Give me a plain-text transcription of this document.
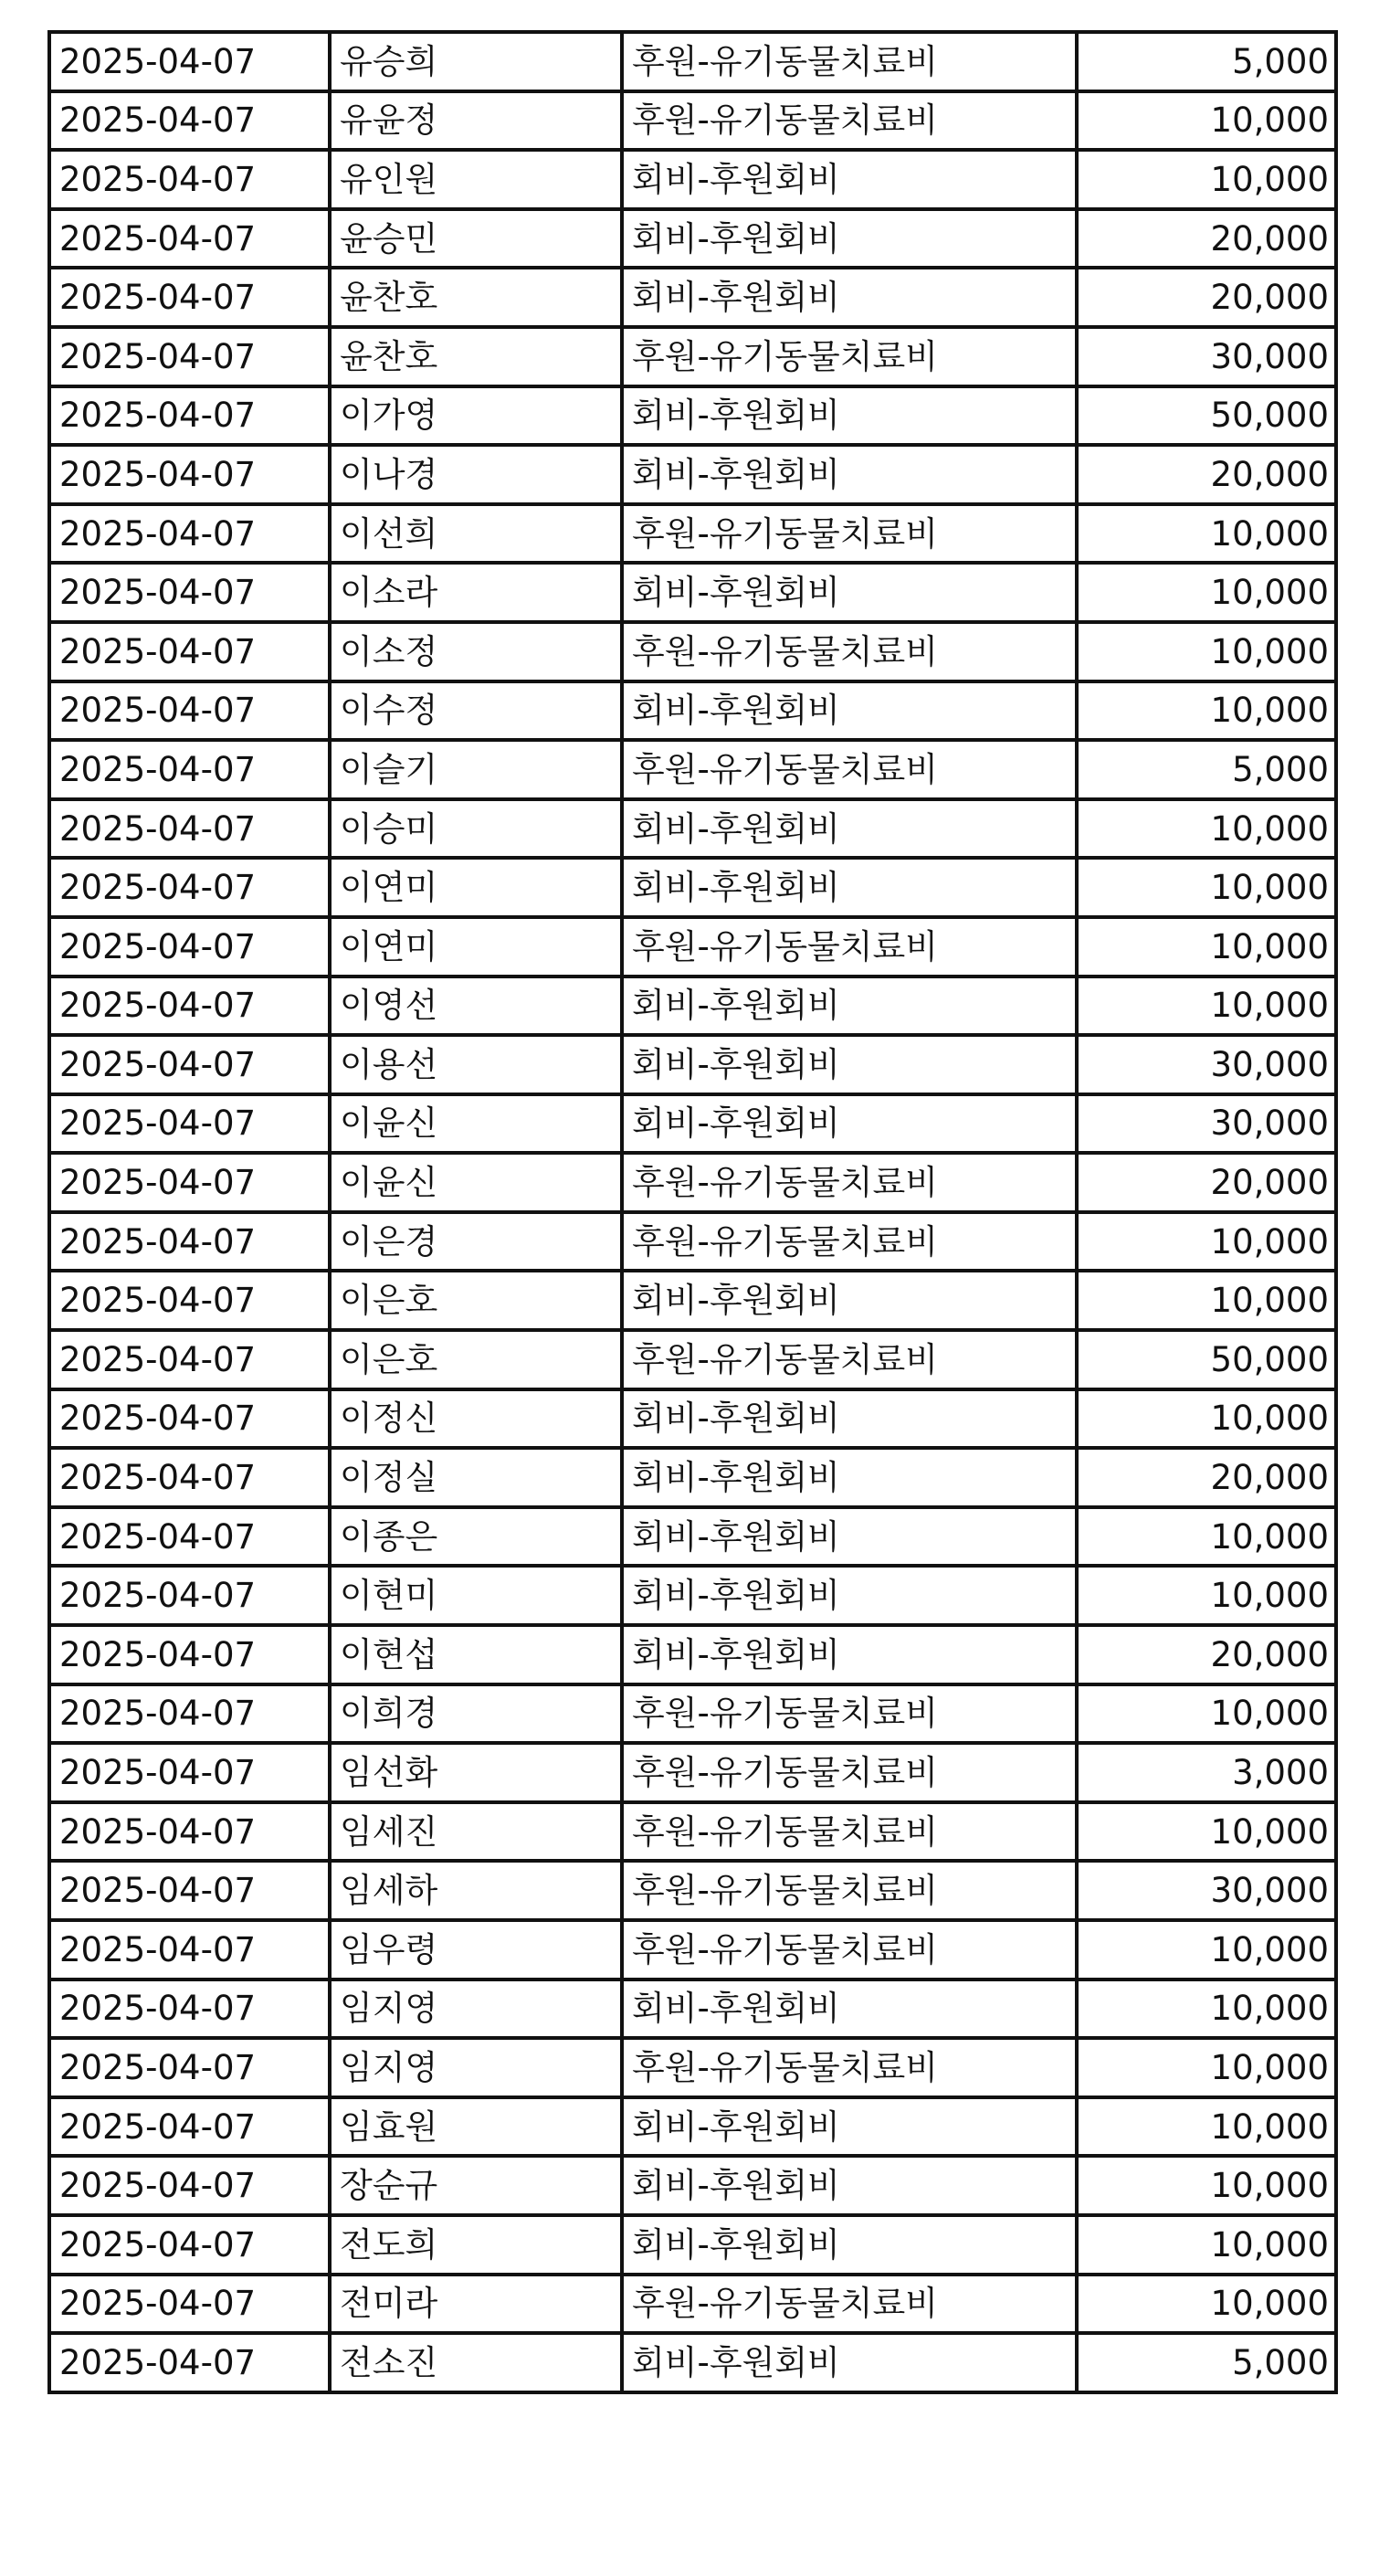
2025-04-07	유승희	후원-유기동물치료비	5,000
2025-04-07	유윤정	후원-유기동물치료비	10,000
2025-04-07	유인원	회비-후원회비	10,000
2025-04-07	윤승민	회비-후원회비	20,000
2025-04-07	윤찬호	회비-후원회비	20,000
2025-04-07	윤찬호	후원-유기동물치료비	30,000
2025-04-07	이가영	회비-후원회비	50,000
2025-04-07	이나경	회비-후원회비	20,000
2025-04-07	이선희	후원-유기동물치료비	10,000
2025-04-07	이소라	회비-후원회비	10,000
2025-04-07	이소정	후원-유기동물치료비	10,000
2025-04-07	이수정	회비-후원회비	10,000
2025-04-07	이슬기	후원-유기동물치료비	5,000
2025-04-07	이승미	회비-후원회비	10,000
2025-04-07	이연미	회비-후원회비	10,000
2025-04-07	이연미	후원-유기동물치료비	10,000
2025-04-07	이영선	회비-후원회비	10,000
2025-04-07	이용선	회비-후원회비	30,000
2025-04-07	이윤신	회비-후원회비	30,000
2025-04-07	이윤신	후원-유기동물치료비	20,000
2025-04-07	이은경	후원-유기동물치료비	10,000
2025-04-07	이은호	회비-후원회비	10,000
2025-04-07	이은호	후원-유기동물치료비	50,000
2025-04-07	이정신	회비-후원회비	10,000
2025-04-07	이정실	회비-후원회비	20,000
2025-04-07	이종은	회비-후원회비	10,000
2025-04-07	이현미	회비-후원회비	10,000
2025-04-07	이현섭	회비-후원회비	20,000
2025-04-07	이희경	후원-유기동물치료비	10,000
2025-04-07	임선화	후원-유기동물치료비	3,000
2025-04-07	임세진	후원-유기동물치료비	10,000
2025-04-07	임세하	후원-유기동물치료비	30,000
2025-04-07	임우령	후원-유기동물치료비	10,000
2025-04-07	임지영	회비-후원회비	10,000
2025-04-07	임지영	후원-유기동물치료비	10,000
2025-04-07	임효원	회비-후원회비	10,000
2025-04-07	장순규	회비-후원회비	10,000
2025-04-07	전도희	회비-후원회비	10,000
2025-04-07	전미라	후원-유기동물치료비	10,000
2025-04-07	전소진	회비-후원회비	5,000
